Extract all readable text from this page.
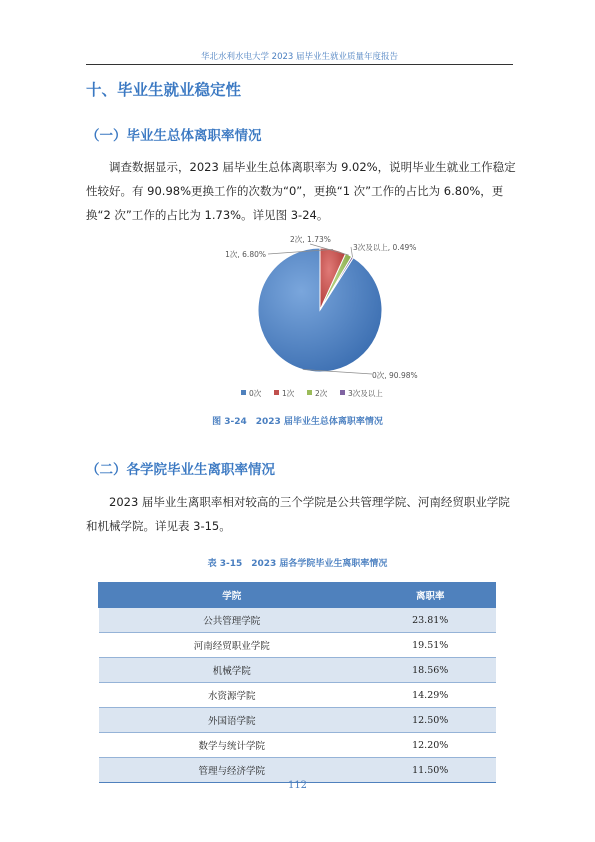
华北水利水电大学 2023 届毕业生就业质量年度报告
十、毕业生就业稳定性
（一）毕业生总体离职率情况

调查数据显示，2023 届毕业生总体离职率为 9.02%，说明毕业生就业工作稳定性较好。有 90.98%更换工作的次数为“0”，更换“1 次”工作的占比为 6.80%，更换“2 次”工作的占比为 1.73%。详见图 3-24。

0次, 90.98%
1次, 6.80%
2次, 1.73%
3次及以上, 0.49%
0次	1次	2次	3次及以上
图 3-24　2023 届毕业生总体离职率情况
（二）各学院毕业生离职率情况

2023 届毕业生离职率相对较高的三个学院是公共管理学院、河南经贸职业学院和机械学院。详见表 3-15。

表 3-15　2023 届各学院毕业生离职率情况
学院	离职率
公共管理学院	23.81%
河南经贸职业学院	19.51%
机械学院	18.56%
水资源学院	14.29%
外国语学院	12.50%
数学与统计学院	12.20%
管理与经济学院	11.50%
112
